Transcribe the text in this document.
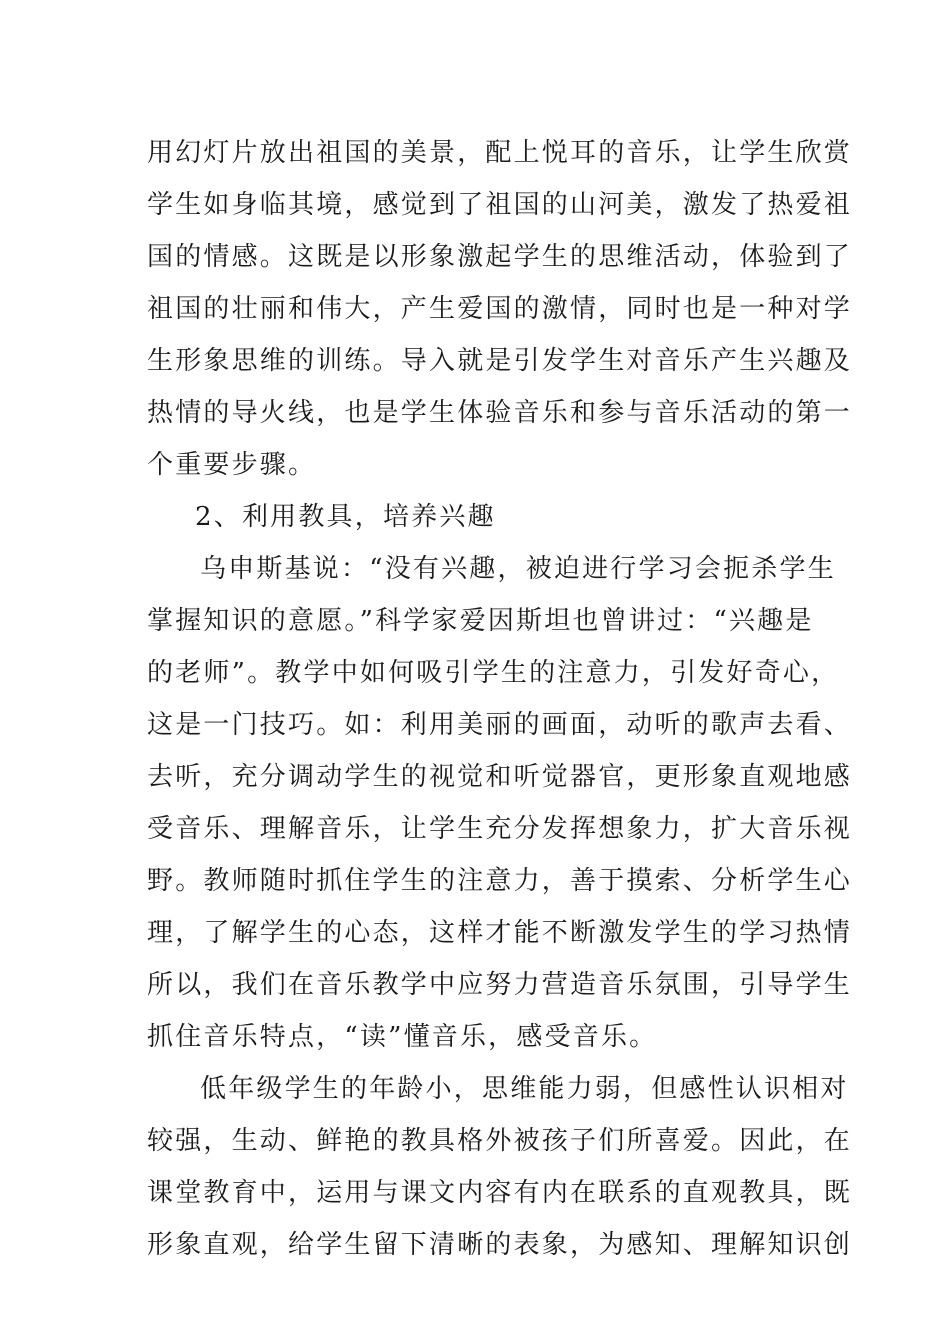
用幻灯片放出祖国的美景，配上悦耳的音乐，让学生欣赏
学生如身临其境，感觉到了祖国的山河美，激发了热爱祖
国的情感。这既是以形象激起学生的思维活动，体验到了
祖国的壮丽和伟大，产生爱国的激情，同时也是一种对学
生形象思维的训练。导入就是引发学生对音乐产生兴趣及
热情的导火线，也是学生体验音乐和参与音乐活动的第一
个重要步骤。
2、利用教具，培养兴趣
乌申斯基说：“没有兴趣，被迫进行学习会扼杀学生
掌握知识的意愿。”科学家爱因斯坦也曾讲过：“兴趣是
的老师”。教学中如何吸引学生的注意力，引发好奇心，
这是一门技巧。如：利用美丽的画面，动听的歌声去看、
去听，充分调动学生的视觉和听觉器官，更形象直观地感
受音乐、理解音乐，让学生充分发挥想象力，扩大音乐视
野。教师随时抓住学生的注意力，善于摸索、分析学生心
理，了解学生的心态，这样才能不断激发学生的学习热情
所以，我们在音乐教学中应努力营造音乐氛围，引导学生
抓住音乐特点，“读”懂音乐，感受音乐。
低年级学生的年龄小，思维能力弱，但感性认识相对
较强，生动、鲜艳的教具格外被孩子们所喜爱。因此，在
课堂教育中，运用与课文内容有内在联系的直观教具，既
形象直观，给学生留下清晰的表象，为感知、理解知识创
